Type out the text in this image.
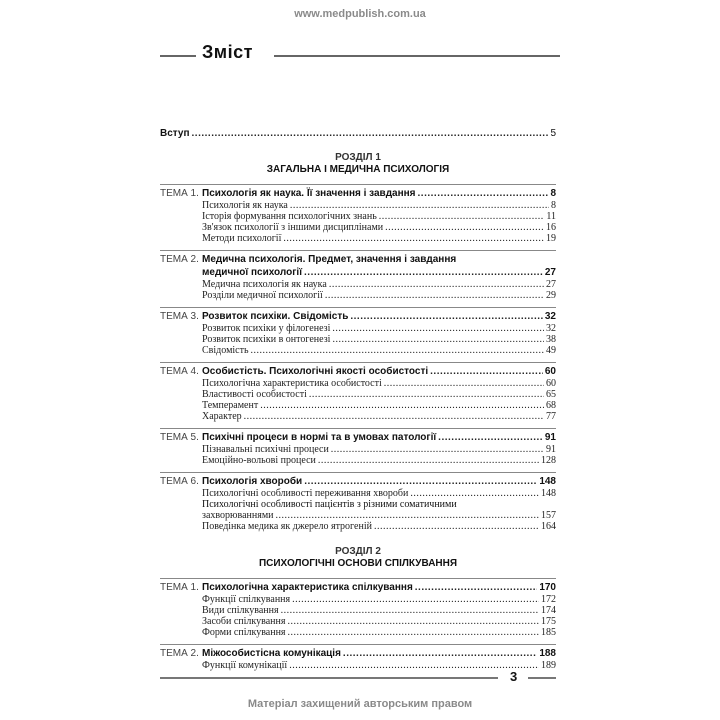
www.medpublish.com.ua
Зміст
Вступ .....	5
РОЗДІЛ 1
ЗАГАЛЬНА І МЕДИЧНА ПСИХОЛОГІЯ
ТЕМА 1. Психологія як наука. Її значення і завдання .....	8
Психологія як наука .....	8
Історія формування психологічних знань .....	11
Зв'язок психології з іншими дисциплінами .....	16
Методи психології .....	19
ТЕМА 2. Медична психологія. Предмет, значення і завдання
медичної психології .....	27
Медична психологія як наука .....	27
Розділи медичної психології .....	29
ТЕМА 3. Розвиток психіки. Свідомість .....	32
Розвиток психіки у філогенезі .....	32
Розвиток психіки в онтогенезі .....	38
Свідомість .....	49
ТЕМА 4. Особистість. Психологічні якості особистості .....	60
Психологічна характеристика особистості .....	60
Властивості особистості .....	65
Темперамент .....	68
Характер .....	77
ТЕМА 5. Психічні процеси в нормі та в умовах патології .....	91
Пізнавальні психічні процеси .....	91
Емоційно-вольові процеси .....	128
ТЕМА 6. Психологія хвороби .....	148
Психологічні особливості переживання хвороби .....	148
Психологічні особливості пацієнтів з різними соматичними
захворюваннями .....	157
Поведінка медика як джерело ятрогеній .....	164
РОЗДІЛ 2
ПСИХОЛОГІЧНІ ОСНОВИ СПІЛКУВАННЯ
ТЕМА 1. Психологічна характеристика спілкування .....	170
Функції спілкування .....	172
Види спілкування .....	174
Засоби спілкування .....	175
Форми спілкування .....	185
ТЕМА 2. Міжособистісна комунікація .....	188
Функції комунікації .....	189
3
Матеріал захищений авторським правом
